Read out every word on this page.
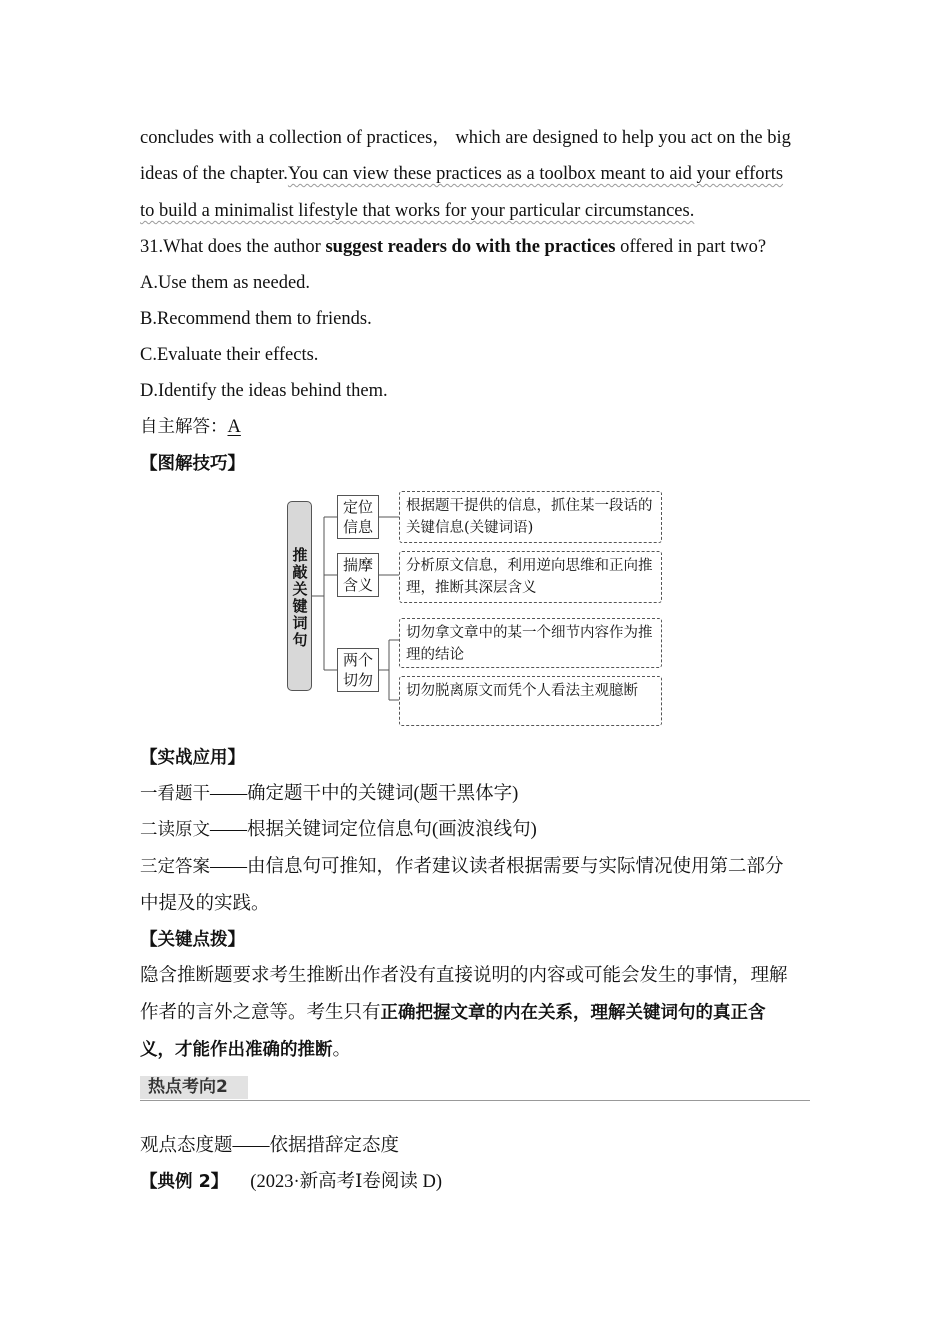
concludes with a collection of practices， which are designed to help you act on the big
ideas of the chapter.You can view these practices as a toolbox meant to aid your efforts
to build a minimalist lifestyle that works for your particular circumstances.
31.What does the author suggest readers do with the practices offered in part two?
A.Use them as needed.
B.Recommend them to friends.
C.Evaluate their effects.
D.Identify the ideas behind them.
自主解答：A
【图解技巧】
【实战应用】
一看题干——确定题干中的关键词(题干黑体字)
二读原文——根据关键词定位信息句(画波浪线句)
三定答案——由信息句可推知，作者建议读者根据需要与实际情况使用第二部分
中提及的实践。
【关键点拨】
隐含推断题要求考生推断出作者没有直接说明的内容或可能会发生的事情，理解
作者的言外之意等。考生只有正确把握文章的内在关系，理解关键词句的真正含
义，才能作出准确的推断。
观点态度题——依据措辞定态度
【典例 2】 (2023·新高考Ⅰ卷阅读 D)
推敲关键词句
定位信息
揣摩含义
两个切勿
根据题干提供的信息，抓住某一段话的关键信息(关键词语)
分析原文信息，利用逆向思维和正向推理，推断其深层含义
切勿拿文章中的某一个细节内容作为推理的结论
切勿脱离原文而凭个人看法主观臆断
热点考向2
